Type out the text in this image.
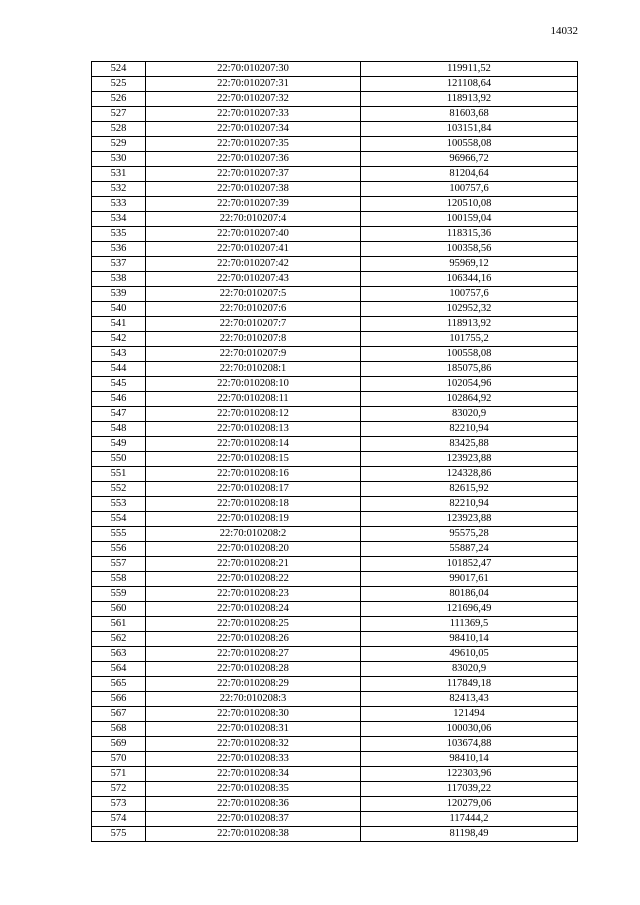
14032
524	22:70:010207:30	119911,52
525	22:70:010207:31	121108,64
526	22:70:010207:32	118913,92
527	22:70:010207:33	81603,68
528	22:70:010207:34	103151,84
529	22:70:010207:35	100558,08
530	22:70:010207:36	96966,72
531	22:70:010207:37	81204,64
532	22:70:010207:38	100757,6
533	22:70:010207:39	120510,08
534	22:70:010207:4	100159,04
535	22:70:010207:40	118315,36
536	22:70:010207:41	100358,56
537	22:70:010207:42	95969,12
538	22:70:010207:43	106344,16
539	22:70:010207:5	100757,6
540	22:70:010207:6	102952,32
541	22:70:010207:7	118913,92
542	22:70:010207:8	101755,2
543	22:70:010207:9	100558,08
544	22:70:010208:1	185075,86
545	22:70:010208:10	102054,96
546	22:70:010208:11	102864,92
547	22:70:010208:12	83020,9
548	22:70:010208:13	82210,94
549	22:70:010208:14	83425,88
550	22:70:010208:15	123923,88
551	22:70:010208:16	124328,86
552	22:70:010208:17	82615,92
553	22:70:010208:18	82210,94
554	22:70:010208:19	123923,88
555	22:70:010208:2	95575,28
556	22:70:010208:20	55887,24
557	22:70:010208:21	101852,47
558	22:70:010208:22	99017,61
559	22:70:010208:23	80186,04
560	22:70:010208:24	121696,49
561	22:70:010208:25	111369,5
562	22:70:010208:26	98410,14
563	22:70:010208:27	49610,05
564	22:70:010208:28	83020,9
565	22:70:010208:29	117849,18
566	22:70:010208:3	82413,43
567	22:70:010208:30	121494
568	22:70:010208:31	100030,06
569	22:70:010208:32	103674,88
570	22:70:010208:33	98410,14
571	22:70:010208:34	122303,96
572	22:70:010208:35	117039,22
573	22:70:010208:36	120279,06
574	22:70:010208:37	117444,2
575	22:70:010208:38	81198,49
